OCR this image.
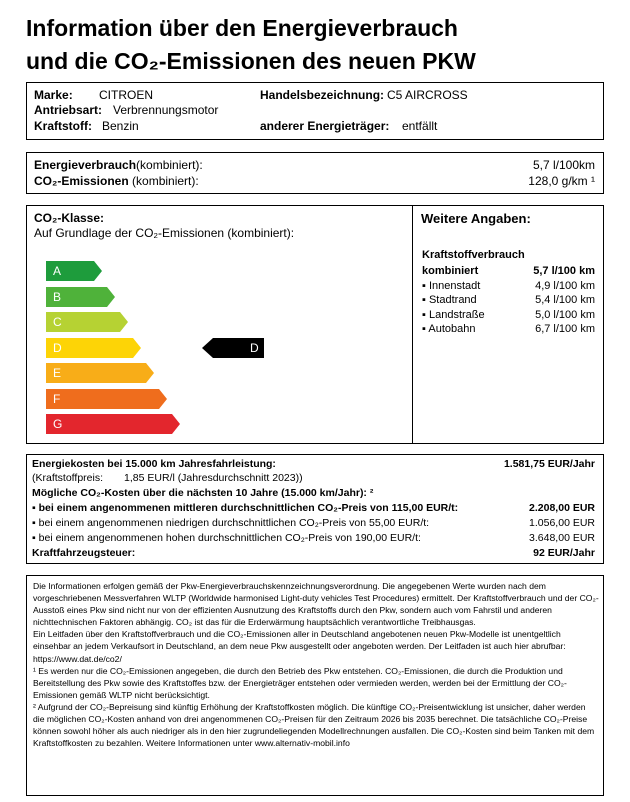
Information über den Energieverbrauch
und die CO₂-Emissionen des neuen PKW
Marke: CITROEN
Antriebsart: Verbrennungsmotor
Kraftstoff: Benzin
Handelsbezeichnung: C5 AIRCROSS
anderer Energieträger: entfällt
Energieverbrauch(kombiniert):	5,7 l/100km
CO₂-Emissionen (kombiniert):	128,0 g/km ¹
CO₂-Klasse:
Auf Grundlage der CO₂-Emissionen (kombiniert):
A
B
C
D
E
F
G
D
Weitere Angaben:
Kraftstoffverbrauch
kombiniert	5,7 l/100 km
▪ Innenstadt	4,9 l/100 km
▪ Stadtrand	5,4 l/100 km
▪ Landstraße	5,0 l/100 km
▪ Autobahn	6,7 l/100 km
Energiekosten bei 15.000 km Jahresfahrleistung:	1.581,75 EUR/Jahr
(Kraftstoffpreis: 1,85 EUR/l (Jahresdurchschnitt 2023))
Mögliche CO₂-Kosten über die nächsten 10 Jahre (15.000 km/Jahr): ²
▪ bei einem angenommenen mittleren durchschnittlichen CO₂-Preis von 115,00 EUR/t:	2.208,00 EUR
▪ bei einem angenommenen niedrigen durchschnittlichen CO₂-Preis von 55,00 EUR/t:	1.056,00 EUR
▪ bei einem angenommenen hohen durchschnittlichen CO₂-Preis von 190,00 EUR/t:	3.648,00 EUR
Kraftfahrzeugsteuer:	92 EUR/Jahr

Die Informationen erfolgen gemäß der Pkw-Energieverbrauchskennzeichnungsverordnung. Die angegebenen Werte wurden nach dem vorgeschriebenen Messverfahren WLTP (Worldwide harmonised Light-duty vehicles Test Procedures) ermittelt. Der Kraftstoffverbrauch und der CO₂-Ausstoß eines Pkw sind nicht nur von der effizienten Ausnutzung des Kraftstoffs durch den Pkw, sondern auch vom Fahrstil und anderen nichttechnischen Faktoren abhängig. CO₂ ist das für die Erderwärmung hauptsächlich verantwortliche Treibhausgas.

Ein Leitfaden über den Kraftstoffverbrauch und die CO₂-Emissionen aller in Deutschland angebotenen neuen Pkw-Modelle ist unentgeltlich einsehbar an jedem Verkaufsort in Deutschland, an dem neue Pkw ausgestellt oder angeboten werden. Der Leitfaden ist auch hier abrufbar: https://www.dat.de/co2/

¹ Es werden nur die CO₂-Emissionen angegeben, die durch den Betrieb des Pkw entstehen. CO₂-Emissionen, die durch die Produktion und Bereitstellung des Pkw sowie des Kraftstoffes bzw. der Energieträger entstehen oder vermieden werden, werden bei der Ermittlung der CO₂-Emissionen gemäß WLTP nicht berücksichtigt.

² Aufgrund der CO₂-Bepreisung sind künftig Erhöhung der Kraftstoffkosten möglich. Die künftige CO₂-Preisentwicklung ist unsicher, daher werden die möglichen CO₂-Kosten anhand von drei angenommenen CO₂-Preisen für den Zeitraum 2026 bis 2035 berechnet. Die tatsächliche CO₂-Preise können sowohl höher als auch niedriger als in den hier zugrundeliegenden Modellrechnungen ausfallen. Die CO₂-Kosten sind beim Tanken mit dem Kraftstoffkosten zu bezahlen. Weitere Informationen unter www.alternativ-mobil.info
